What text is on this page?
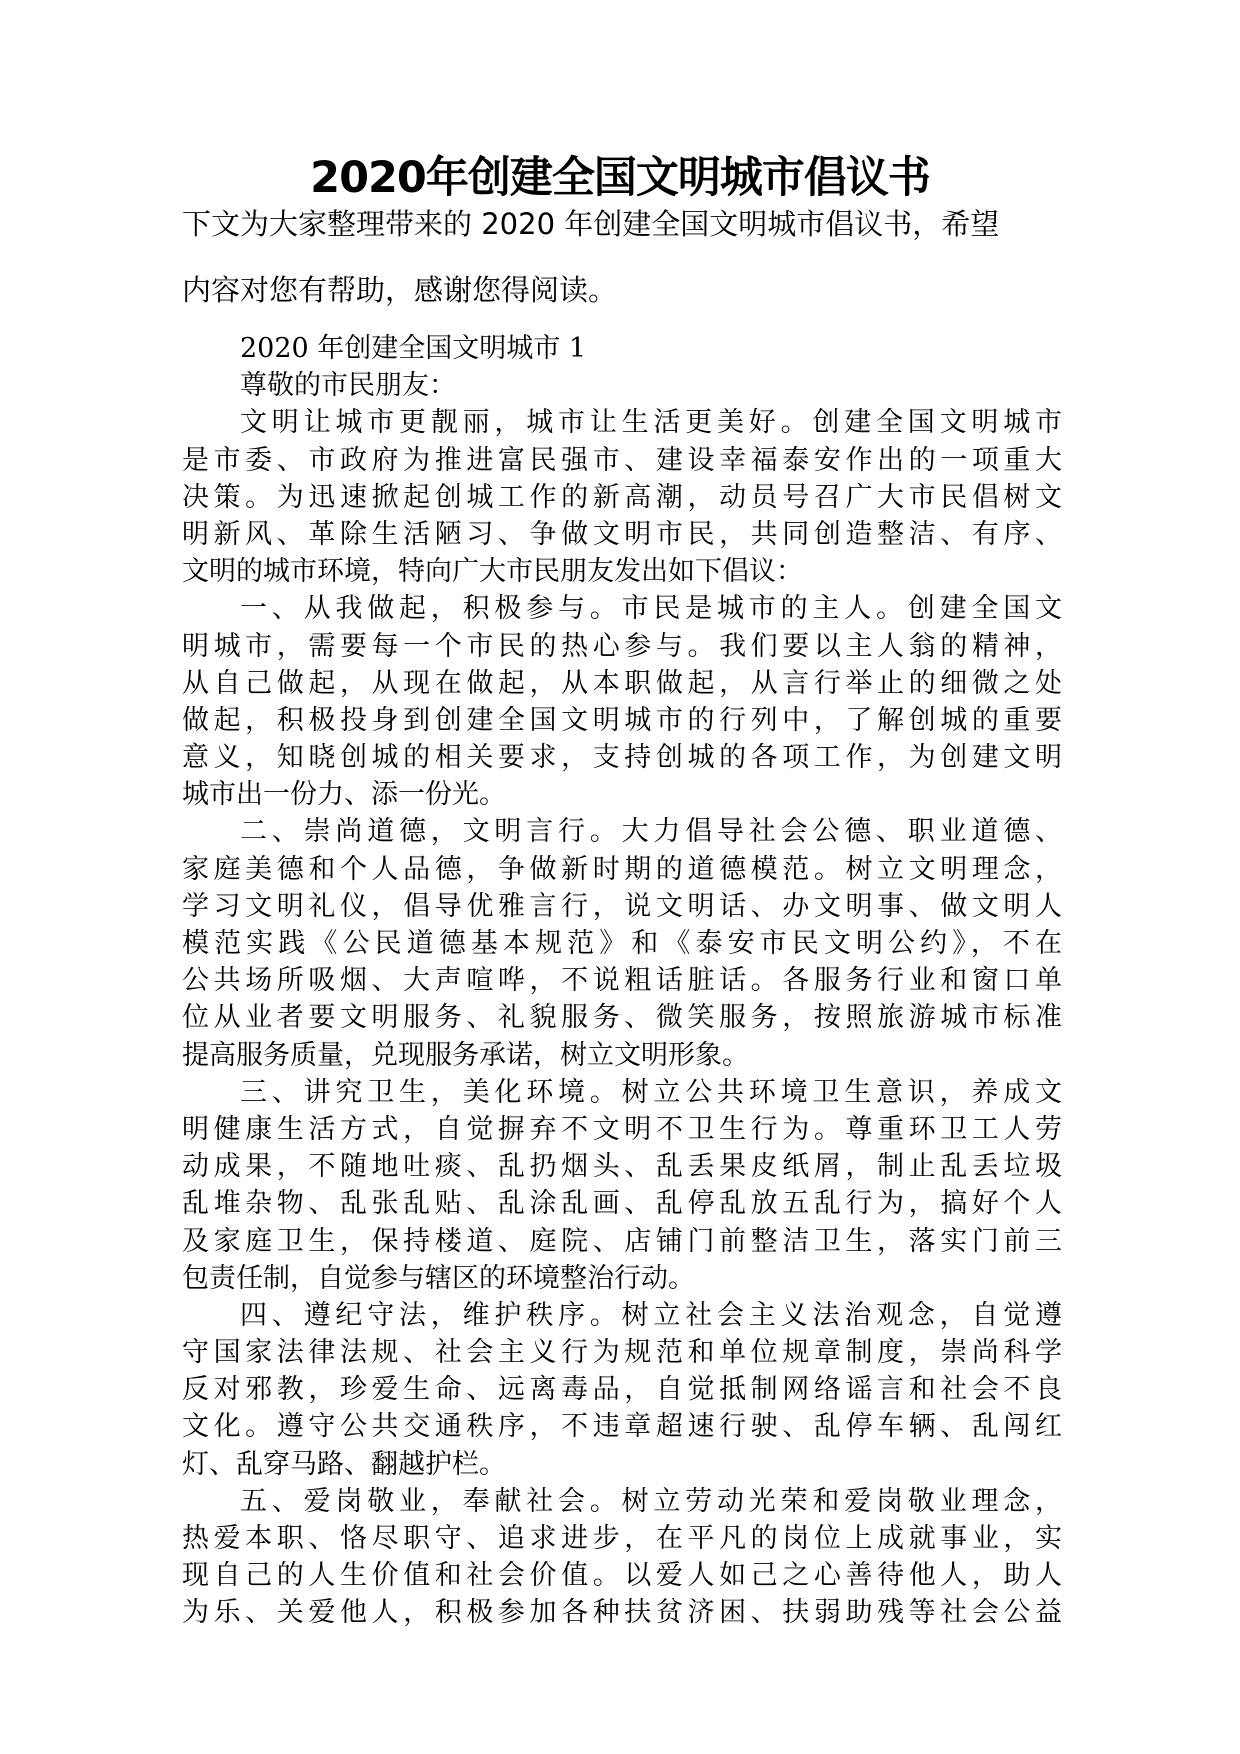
2020年创建全国文明城市倡议书

下文为大家整理带来的 2020 年创建全国文明城市倡议书，希望

内容对您有帮助，感谢您得阅读。

2020 年创建全国文明城市 1

尊敬的市民朋友：

文明让城市更靓丽，城市让生活更美好。创建全国文明城市

是市委、市政府为推进富民强市、建设幸福泰安作出的一项重大

决策。为迅速掀起创城工作的新高潮，动员号召广大市民倡树文

明新风、革除生活陋习、争做文明市民，共同创造整洁、有序、

文明的城市环境，特向广大市民朋友发出如下倡议：

一、从我做起，积极参与。市民是城市的主人。创建全国文

明城市，需要每一个市民的热心参与。我们要以主人翁的精神，

从自己做起，从现在做起，从本职做起，从言行举止的细微之处

做起，积极投身到创建全国文明城市的行列中，了解创城的重要

意义，知晓创城的相关要求，支持创城的各项工作，为创建文明

城市出一份力、添一份光。

二、崇尚道德，文明言行。大力倡导社会公德、职业道德、

家庭美德和个人品德，争做新时期的道德模范。树立文明理念，

学习文明礼仪，倡导优雅言行，说文明话、办文明事、做文明人

模范实践《公民道德基本规范》和《泰安市民文明公约》，不在

公共场所吸烟、大声喧哗，不说粗话脏话。各服务行业和窗口单

位从业者要文明服务、礼貌服务、微笑服务，按照旅游城市标准

提高服务质量，兑现服务承诺，树立文明形象。

三、讲究卫生，美化环境。树立公共环境卫生意识，养成文

明健康生活方式，自觉摒弃不文明不卫生行为。尊重环卫工人劳

动成果，不随地吐痰、乱扔烟头、乱丢果皮纸屑，制止乱丢垃圾

乱堆杂物、乱张乱贴、乱涂乱画、乱停乱放五乱行为，搞好个人

及家庭卫生，保持楼道、庭院、店铺门前整洁卫生，落实门前三

包责任制，自觉参与辖区的环境整治行动。

四、遵纪守法，维护秩序。树立社会主义法治观念，自觉遵

守国家法律法规、社会主义行为规范和单位规章制度，崇尚科学

反对邪教，珍爱生命、远离毒品，自觉抵制网络谣言和社会不良

文化。遵守公共交通秩序，不违章超速行驶、乱停车辆、乱闯红

灯、乱穿马路、翻越护栏。

五、爱岗敬业，奉献社会。树立劳动光荣和爱岗敬业理念，

热爱本职、恪尽职守、追求进步，在平凡的岗位上成就事业，实

现自己的人生价值和社会价值。以爱人如己之心善待他人，助人

为乐、关爱他人，积极参加各种扶贫济困、扶弱助残等社会公益
